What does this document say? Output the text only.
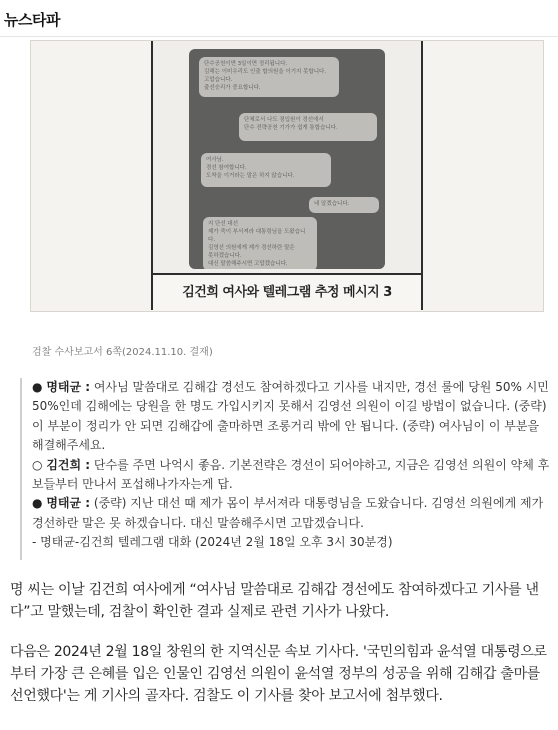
뉴스타파
단수공천이면 3일이면 정리됩니다.
김해는 이미우리도 인출 합의원을 이기지 못합니다.
고맙습니다.
출선승리가 중요합니다.
단체로서 나도 점입원이 경선에서
단수 전략공천 기가가 쉽게 통합습니다.
여사님.
경선 참여합니다.
도착을 이거라는 말은 하지 않습니다.
네 알겠습니다.
지 단선 대선
제가 죽이 부서져라 대통령님을 도왔습니다.
김영선 의원에게 제가 경선하란 말은
못하겠습니다.
대신 말씀해주시면 고맙겠습니다.
김건희 여사와 텔레그램 추정 메시지 3
검찰 수사보고서 6쪽(2024.11.10. 결재)

● 명태균 : 여사님 말씀대로 김해갑 경선도 참여하겠다고 기사를 내지만, 경선 룰에 당원 50% 시민 50%인데 김해에는 당원을 한 명도 가입시키지 못해서 김영선 의원이 이길 방법이 없습니다. (중략) 이 부분이 정리가 안 되면 김해갑에 출마하면 조롱거리 밖에 안 됩니다. (중략) 여사님이 이 부분을 해결해주세요.

○ 김건희 : 단수를 주면 나억시 좋음. 기본전략은 경선이 되어야하고, 지금은 김영선 의원이 약체 후보들부터 만나서 포섭해나가자는게 답.

● 명태균 : (중략) 지난 대선 때 제가 몸이 부서져라 대통령님을 도왔습니다. 김영선 의원에게 제가 경선하란 말은 못 하겠습니다. 대신 말씀해주시면 고맙겠습니다.

- 명태균-김건희 텔레그램 대화 (2024년 2월 18일 오후 3시 30분경)

명 씨는 이날 김건희 여사에게 “여사님 말씀대로 김해갑 경선에도 참여하겠다고 기사를 낸다”고 말했는데, 검찰이 확인한 결과 실제로 관련 기사가 나왔다.

다음은 2024년 2월 18일 창원의 한 지역신문 속보 기사다. '국민의힘과 윤석열 대통령으로부터 가장 큰 은혜를 입은 인물인 김영선 의원이 윤석열 정부의 성공을 위해 김해갑 출마를 선언했다'는 게 기사의 골자다. 검찰도 이 기사를 찾아 보고서에 첨부했다.
